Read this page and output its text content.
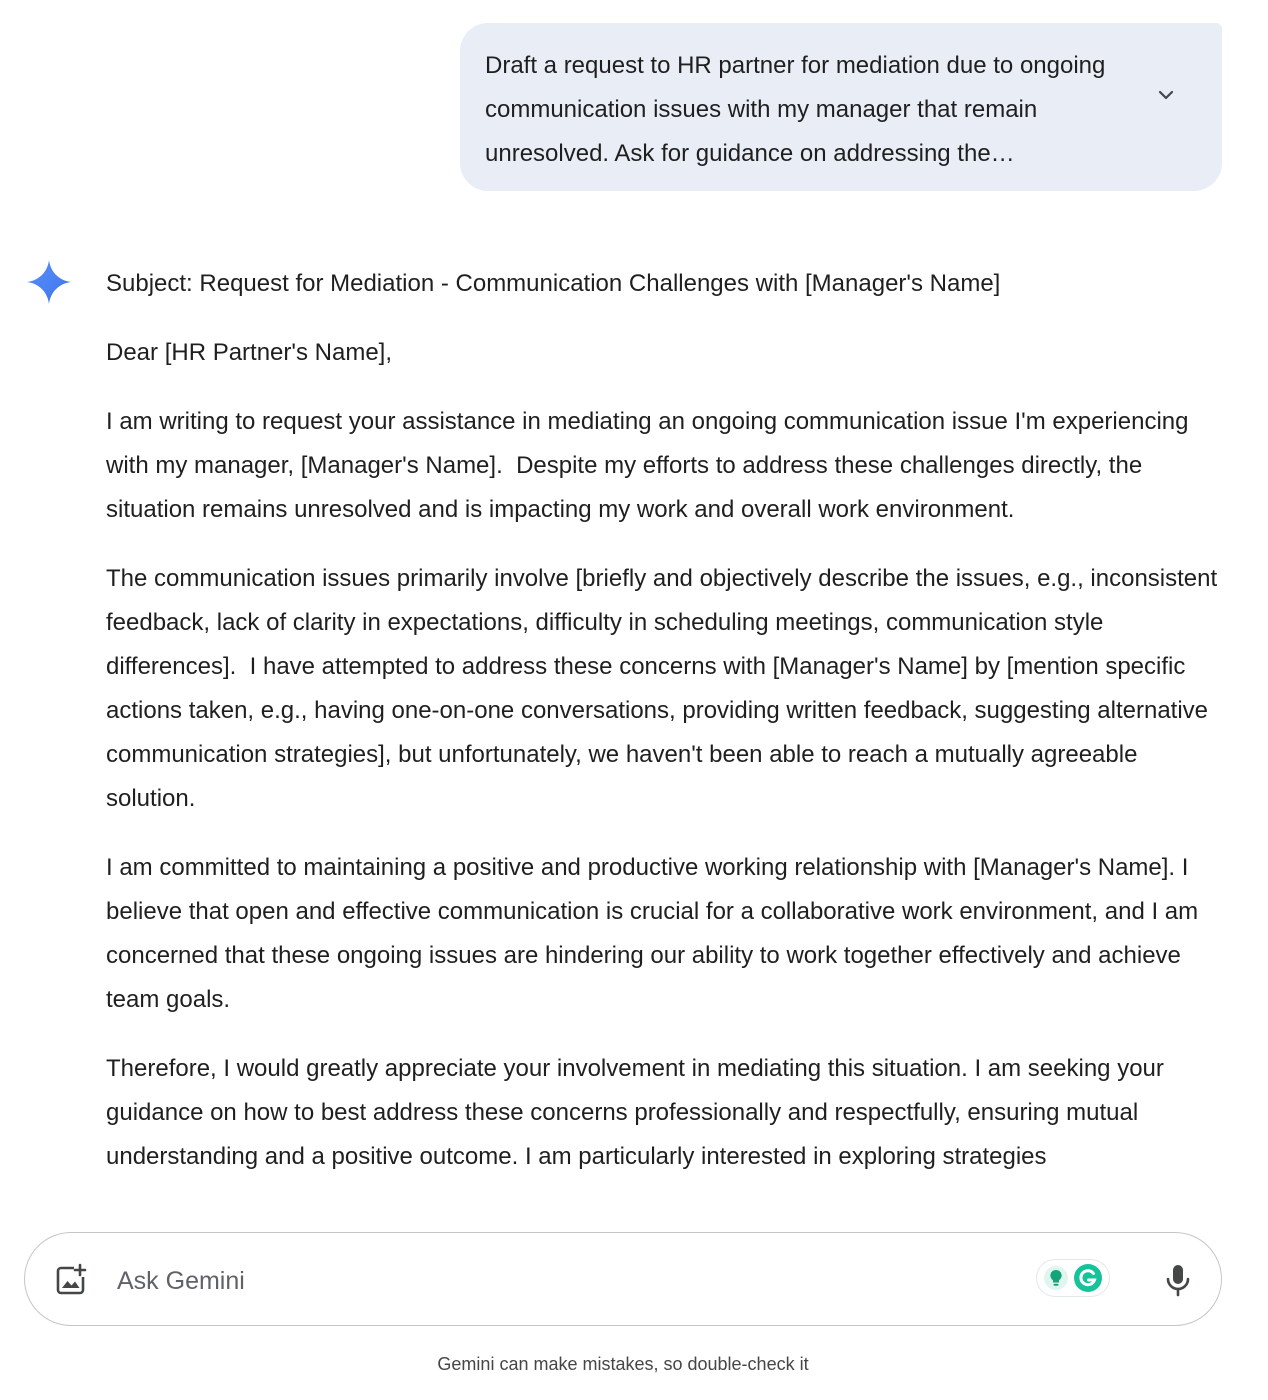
Draft a request to HR partner for mediation due to ongoing communication issues with my manager that remain unresolved. Ask for guidance on addressing the…

Subject: Request for Mediation - Communication Challenges with [Manager's Name]

Dear [HR Partner's Name],

I am writing to request your assistance in mediating an ongoing communication issue I'm experiencing with my manager, [Manager's Name].  Despite my efforts to address these challenges directly, the situation remains unresolved and is impacting my work and overall work environment.

The communication issues primarily involve [briefly and objectively describe the issues, e.g., inconsistent feedback, lack of clarity in expectations, difficulty in scheduling meetings, communication style differences].  I have attempted to address these concerns with [Manager's Name] by [mention specific actions taken, e.g., having one-on-one conversations, providing written feedback, suggesting alternative communication strategies], but unfortunately, we haven't been able to reach a mutually agreeable solution.

I am committed to maintaining a positive and productive working relationship with [Manager's Name]. I believe that open and effective communication is crucial for a collaborative work environment, and I am concerned that these ongoing issues are hindering our ability to work together effectively and achieve team goals.

Therefore, I would greatly appreciate your involvement in mediating this situation. I am seeking your guidance on how to best address these concerns professionally and respectfully, ensuring mutual understanding and a positive outcome. I am particularly interested in exploring strategies

Ask Gemini
Gemini can make mistakes, so double-check it
